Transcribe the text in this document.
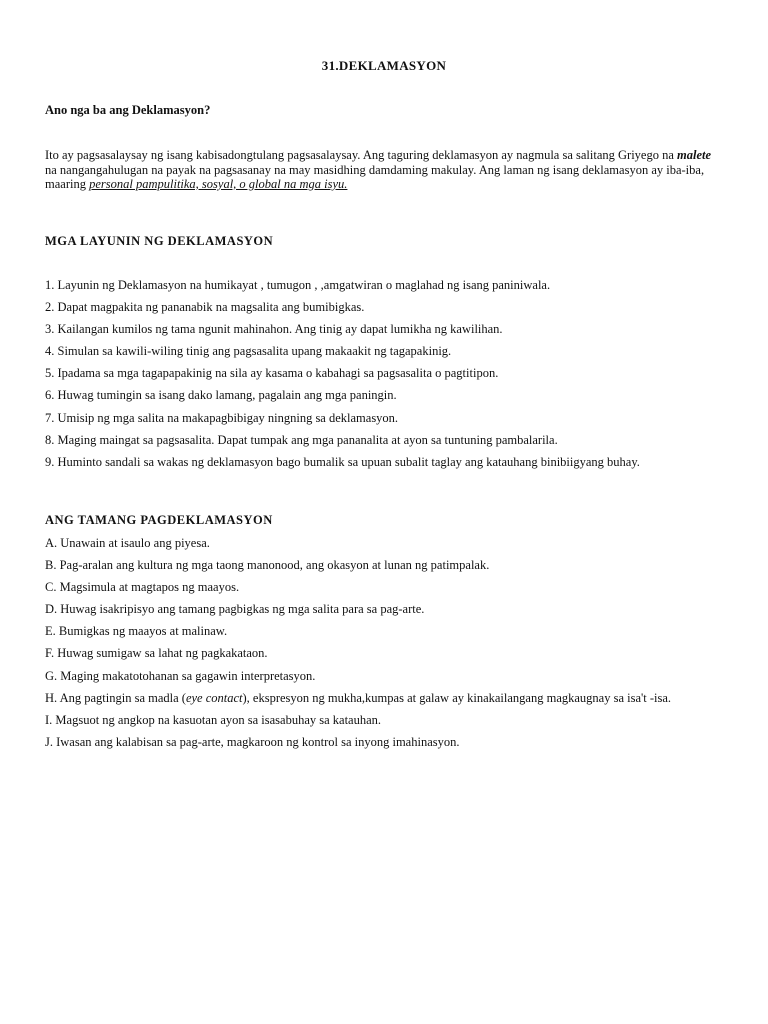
31.DEKLAMASYON
Ano nga ba ang Deklamasyon?
Ito ay pagsasalaysay ng isang kabisadongtulang pagsasalaysay. Ang taguring deklamasyon ay nagmula sa salitang Griyego na malete na nangangahulugan na payak na pagsasanay na may masidhing damdaming makulay. Ang laman ng isang deklamasyon ay iba-iba, maaring personal pampulitika, sosyal, o global na mga isyu.
MGA LAYUNIN NG DEKLAMASYON
1. Layunin ng Deklamasyon na humikayat , tumugon , ,amgatwiran o maglahad ng isang paniniwala.
2. Dapat magpakita ng pananabik na magsalita ang bumibigkas.
3. Kailangan kumilos ng tama ngunit mahinahon. Ang tinig ay dapat lumikha ng kawilihan.
4. Simulan sa kawili-wiling tinig ang pagsasalita upang makaakit ng tagapakinig.
5. Ipadama sa mga tagapapakinig na sila ay kasama o kabahagi sa pagsasalita o pagtitipon.
6. Huwag tumingin sa isang dako lamang, pagalain ang mga paningin.
7. Umisip ng mga salita na makapagbibigay ningning sa deklamasyon.
8. Maging maingat sa pagsasalita. Dapat tumpak ang mga pananalita at ayon sa tuntuning pambalarila.
9. Huminto sandali sa wakas ng deklamasyon bago bumalik sa upuan subalit taglay ang katauhang binibiigyang buhay.
ANG TAMANG PAGDEKLAMASYON
A. Unawain at isaulo ang piyesa.
B. Pag-aralan ang kultura ng mga taong manonood, ang okasyon at lunan ng patimpalak.
C. Magsimula at magtapos ng maayos.
D. Huwag isakripisyo ang tamang pagbigkas ng mga salita para sa pag-arte.
E. Bumigkas ng maayos at malinaw.
F. Huwag sumigaw sa lahat ng pagkakataon.
G. Maging makatotohanan sa gagawin interpretasyon.
H. Ang pagtingin sa madla (eye contact), ekspresyon ng mukha,kumpas at galaw ay kinakailangang magkaugnay sa isa't -isa.
I. Magsuot ng angkop na kasuotan ayon sa isasabuhay sa katauhan.
J. Iwasan ang kalabisan sa pag-arte, magkaroon ng kontrol sa inyong imahinasyon.
